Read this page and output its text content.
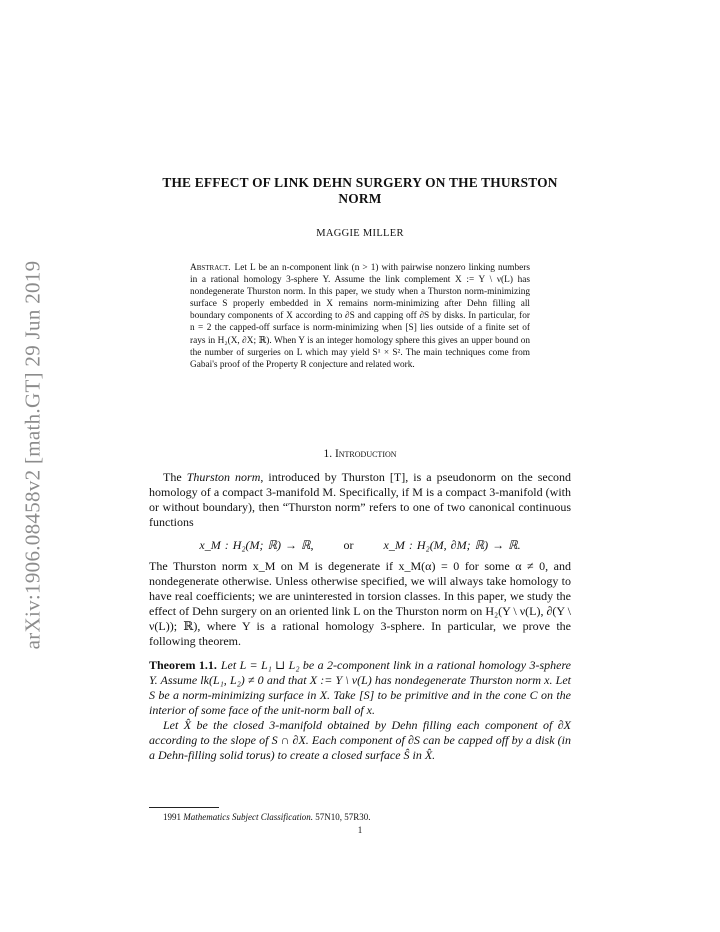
arXiv:1906.08458v2 [math.GT] 29 Jun 2019
THE EFFECT OF LINK DEHN SURGERY ON THE THURSTON NORM
MAGGIE MILLER
Abstract. Let L be an n-component link (n > 1) with pairwise nonzero linking numbers in a rational homology 3-sphere Y. Assume the link complement X := Y \ ν(L) has nondegenerate Thurston norm. In this paper, we study when a Thurston norm-minimizing surface S properly embedded in X remains norm-minimizing after Dehn filling all boundary components of X according to ∂S and capping off ∂S by disks. In particular, for n = 2 the capped-off surface is norm-minimizing when [S] lies outside of a finite set of rays in H₂(X, ∂X; ℝ). When Y is an integer homology sphere this gives an upper bound on the number of surgeries on L which may yield S¹ × S². The main techniques come from Gabai's proof of the Property R conjecture and related work.
1. Introduction
The Thurston norm, introduced by Thurston [T], is a pseudonorm on the second homology of a compact 3-manifold M. Specifically, if M is a compact 3-manifold (with or without boundary), then “Thurston norm” refers to one of two canonical continuous functions
x_M : H₂(M; ℝ) → ℝ,	or	x_M : H₂(M, ∂M; ℝ) → ℝ.
The Thurston norm x_M on M is degenerate if x_M(α) = 0 for some α ≠ 0, and nondegenerate otherwise. Unless otherwise specified, we will always take homology to have real coefficients; we are uninterested in torsion classes. In this paper, we study the effect of Dehn surgery on an oriented link L on the Thurston norm on H₂(Y \ ν(L), ∂(Y \ ν(L)); ℝ), where Y is a rational homology 3-sphere. In particular, we prove the following theorem.
Theorem 1.1. Let L = L₁ ⊔ L₂ be a 2-component link in a rational homology 3-sphere Y. Assume lk(L₁, L₂) ≠ 0 and that X := Y \ ν(L) has nondegenerate Thurston norm x. Let S be a norm-minimizing surface in X. Take [S] to be primitive and in the cone C on the interior of some face of the unit-norm ball of x.
Let X̂ be the closed 3-manifold obtained by Dehn filling each component of ∂X according to the slope of S ∩ ∂X. Each component of ∂S can be capped off by a disk (in a Dehn-filling solid torus) to create a closed surface Ŝ in X̂.
1991 Mathematics Subject Classification. 57N10, 57R30.
1
